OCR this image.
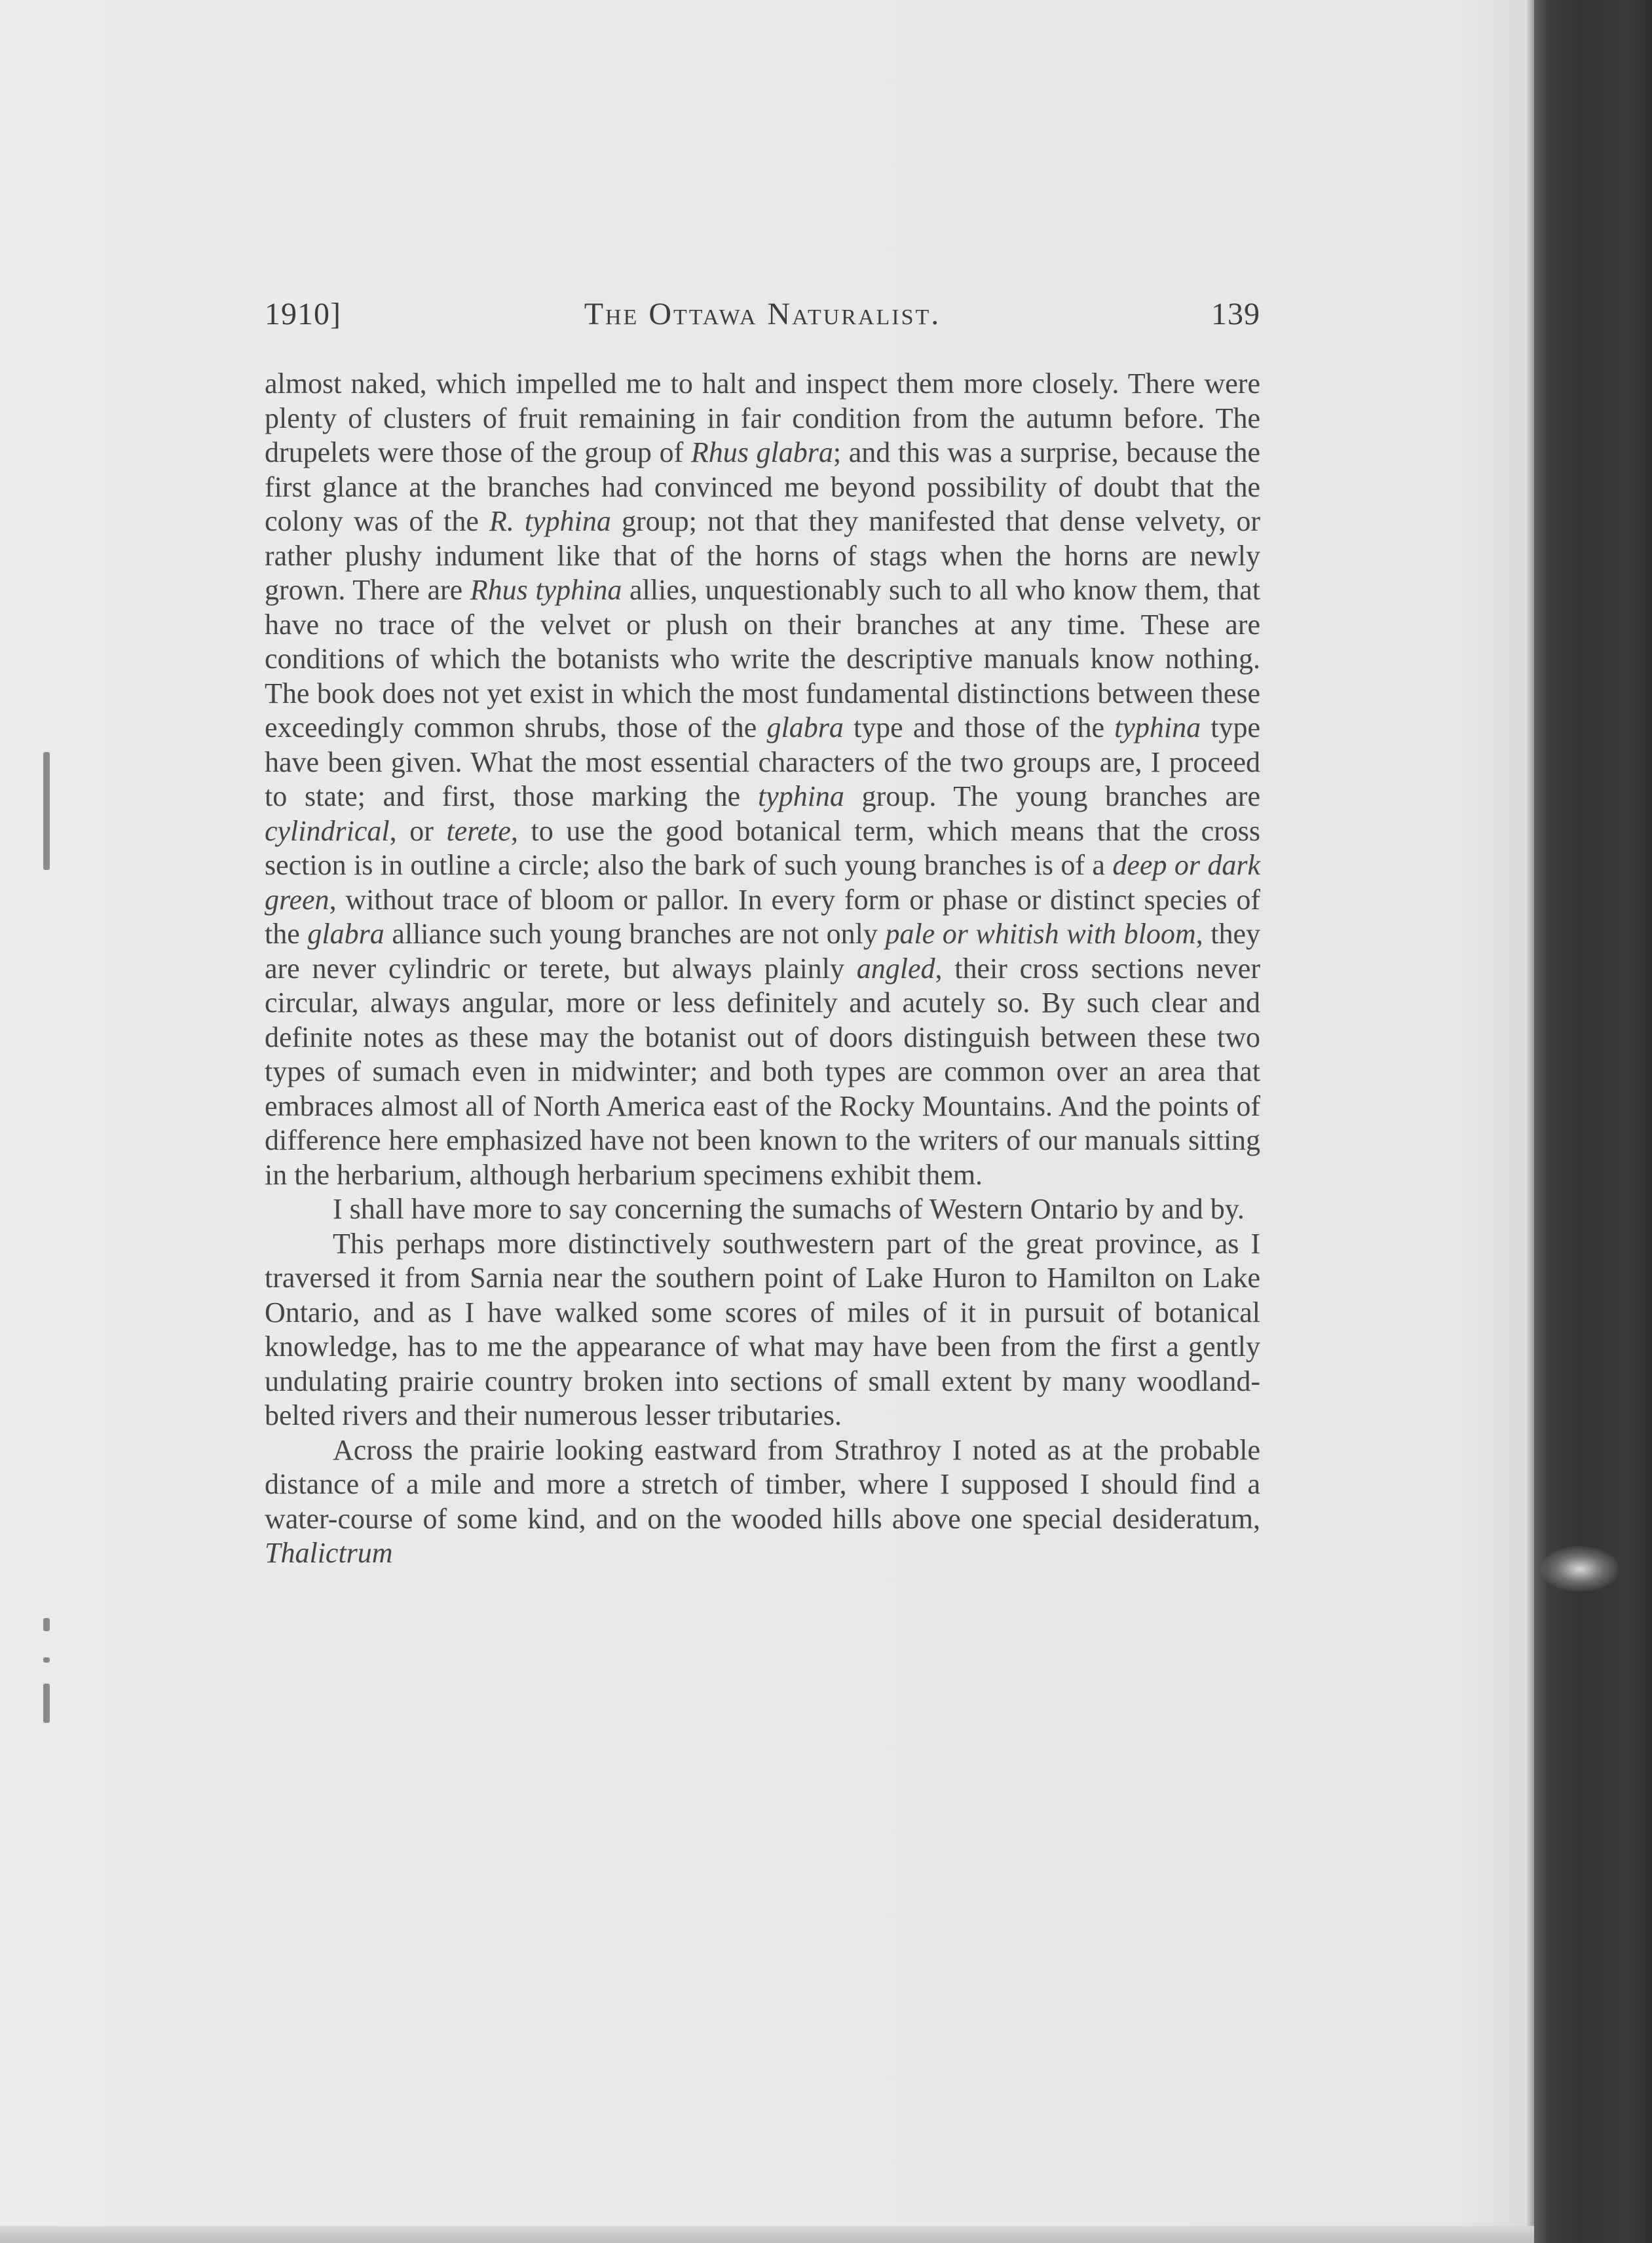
1910]	The Ottawa Naturalist.	139

almost naked, which impelled me to halt and inspect them more closely. There were plenty of clusters of fruit remaining in fair condition from the autumn before. The drupelets were those of the group of Rhus glabra; and this was a surprise, because the first glance at the branches had convinced me beyond possibility of doubt that the colony was of the R. typhina group; not that they manifested that dense velvety, or rather plushy indument like that of the horns of stags when the horns are newly grown. There are Rhus typhina allies, unquestionably such to all who know them, that have no trace of the velvet or plush on their branches at any time. These are conditions of which the botanists who write the descriptive manuals know nothing. The book does not yet exist in which the most fundamental distinctions between these exceedingly common shrubs, those of the glabra type and those of the typhina type have been given. What the most essential characters of the two groups are, I proceed to state; and first, those marking the typhina group. The young branches are cylindrical, or terete, to use the good botanical term, which means that the cross section is in outline a circle; also the bark of such young branches is of a deep or dark green, without trace of bloom or pallor. In every form or phase or distinct species of the glabra alliance such young branches are not only pale or whitish with bloom, they are never cylindric or terete, but always plainly angled, their cross sections never circular, always angular, more or less definitely and acutely so. By such clear and definite notes as these may the botanist out of doors distinguish between these two types of sumach even in midwinter; and both types are common over an area that embraces almost all of North America east of the Rocky Mountains. And the points of difference here emphasized have not been known to the writers of our manuals sitting in the herbarium, although herbarium specimens exhibit them.

I shall have more to say concerning the sumachs of Western Ontario by and by.

This perhaps more distinctively southwestern part of the great province, as I traversed it from Sarnia near the southern point of Lake Huron to Hamilton on Lake Ontario, and as I have walked some scores of miles of it in pursuit of botanical knowledge, has to me the appearance of what may have been from the first a gently undulating prairie country broken into sections of small extent by many woodland-belted rivers and their numerous lesser tributaries.

Across the prairie looking eastward from Strathroy I noted as at the probable distance of a mile and more a stretch of timber, where I supposed I should find a water-course of some kind, and on the wooded hills above one special desideratum, Thalictrum
